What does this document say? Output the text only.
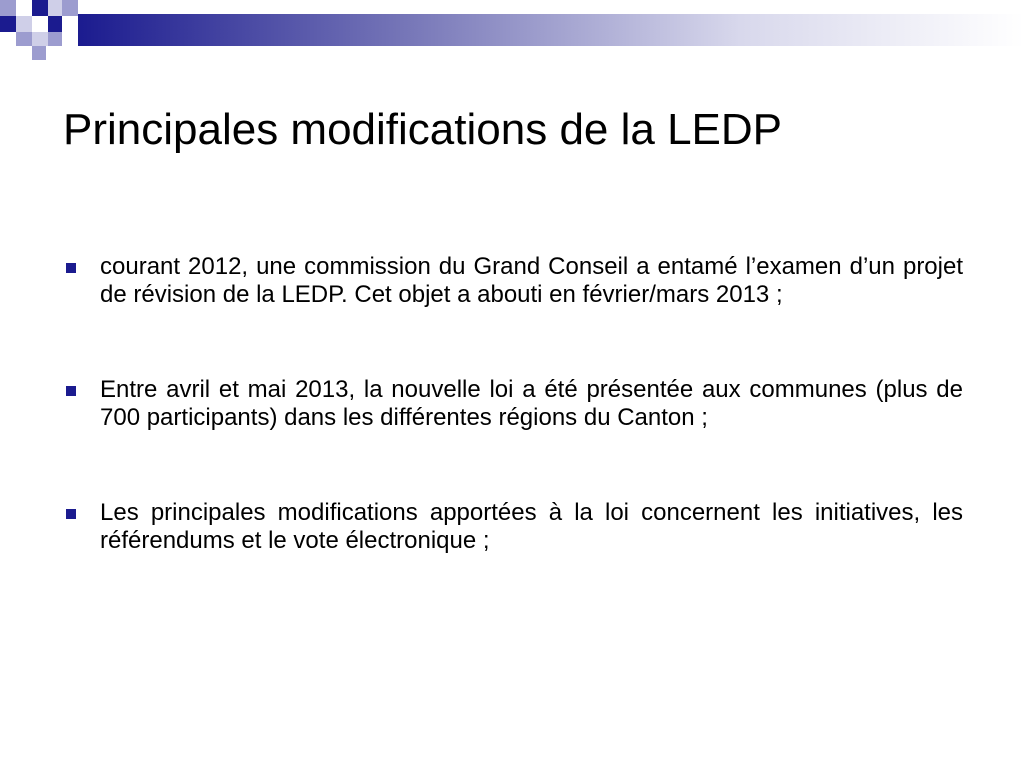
Principales modifications de la LEDP
courant 2012, une commission du Grand Conseil a entamé l’examen d’un projet de révision de la LEDP. Cet objet a abouti en février/mars 2013 ;
Entre avril et mai 2013, la nouvelle loi a été présentée aux communes (plus de 700 participants) dans les différentes régions du Canton ;
Les principales modifications apportées à la loi concernent les initiatives, les référendums et le vote électronique ;
